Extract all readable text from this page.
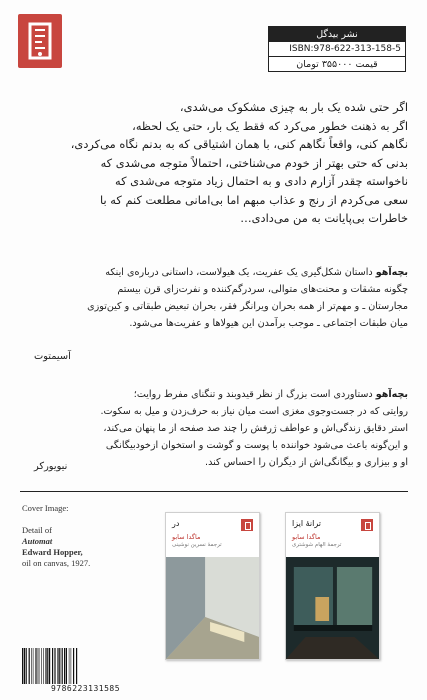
نشر بیدگل
ISBN:978-622-313-158-5
قیمت ۳۵۵۰۰۰ تومان

اگر حتی شده یک بار به چیزی مشکوک می‌شدی،

اگر به ذهنت خطور می‌کرد که فقط یک بار، حتی یک لحظه،

نگاهم کنی، واقعاً نگاهم کنی، با همان اشتیاقی که به بدنم نگاه می‌کردی،

بدنی که حتی بهتر از خودم می‌شناختی، احتمالاً متوجه می‌شدی که

ناخواسته چقدر آزارم دادی و به احتمال زیاد متوجه می‌شدی که

سعی می‌کردم از رنج و عذاب مبهم اما بی‌امانی مطلعت کنم که با

خاطرات بی‌پایانت به من می‌دادی…

بچه‌آهو داستان شکل‌گیری یک عفریت، یک هیولاست، داستانی درباره‌ی اینکه

چگونه مشقات و محنت‌های متوالی، سردرگم‌کننده و نفرت‌زای قرن بیستم

مجارستان ـ و مهم‌تر از همه بحران ویرانگر فقر، بحران تبعیض طبقاتی و کین‌توزی

میان طبقات اجتماعی ـ موجب برآمدن این هیولاها و عفریت‌ها می‌شود.

آسیمتوت

بچه‌آهو دستاوردی است بزرگ از نظر قیدوبند و تنگنای مفرط روایت؛

روایتی که در جست‌وجوی مغزی است میان نیاز به حرف‌زدن و میل به سکوت.

استر دقایق زندگی‌اش و عواطف ژرفش را چند صد صفحه از ما پنهان می‌کند،

و این‌گونه باعث می‌شود خواننده با پوست و گوشت و استخوان ازخودبیگانگی

او و بیزاری و بیگانگی‌اش از دیگران را احساس کند.

نیویورکر
Cover Image:
Detail of
Automat
Edward Hopper,
oil on canvas, 1927.
در
ماگدا سابو
ترجمهٔ نسرین نوشینی
ترانهٔ ایزا
ماگدا سابو
ترجمهٔ الهام شوشتری
9786223131585
